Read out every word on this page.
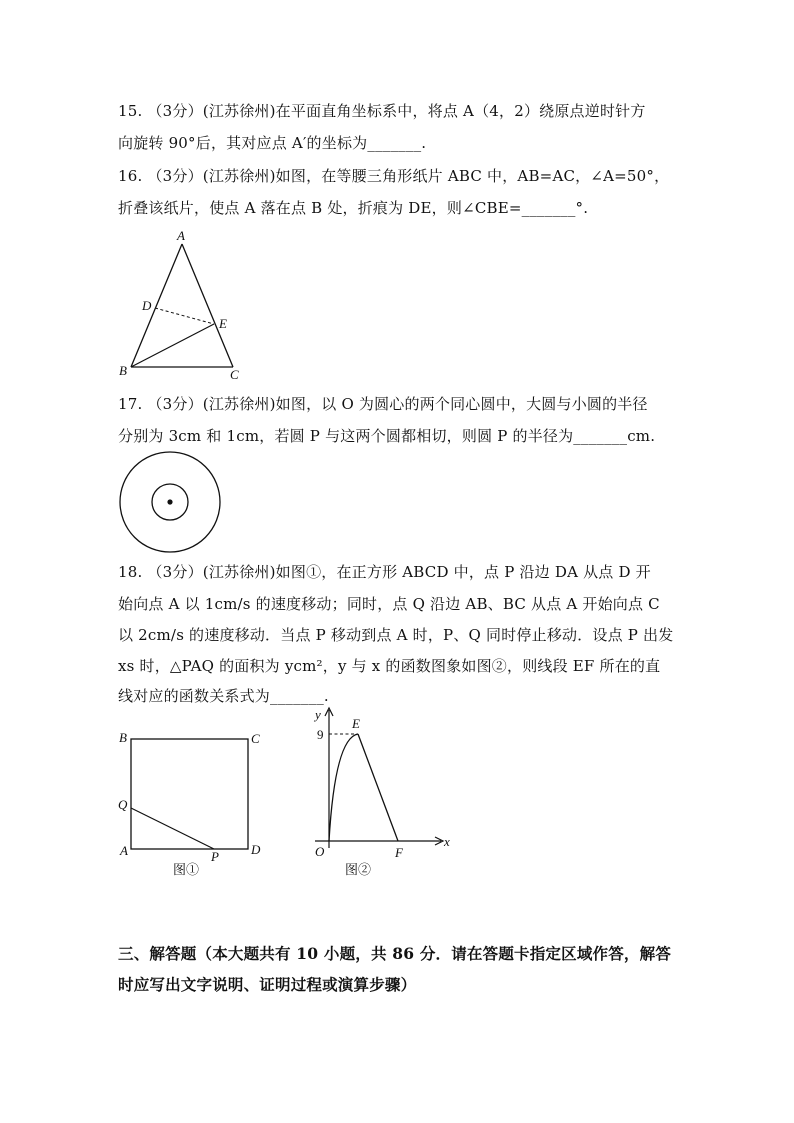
15. （3分）(江苏徐州)在平面直角坐标系中，将点 A（4，2）绕原点逆时针方
向旋转 90°后，其对应点 A′的坐标为_______.
16. （3分）(江苏徐州)如图，在等腰三角形纸片 ABC 中，AB=AC，∠A=50°，
折叠该纸片，使点 A 落在点 B 处，折痕为 DE，则∠CBE=_______°.
A
D
E
B	C
17. （3分）(江苏徐州)如图，以 O 为圆心的两个同心圆中，大圆与小圆的半径
分别为 3cm 和 1cm，若圆 P 与这两个圆都相切，则圆 P 的半径为_______cm.
18. （3分）(江苏徐州)如图①，在正方形 ABCD 中，点 P 沿边 DA 从点 D 开
始向点 A 以 1cm/s 的速度移动；同时，点 Q 沿边 AB、BC 从点 A 开始向点 C
以 2cm/s 的速度移动．当点 P 移动到点 A 时，P、Q 同时停止移动．设点 P 出发
xs 时，△PAQ 的面积为 ycm²，y 与 x 的函数图象如图②，则线段 EF 所在的直
线对应的函数关系式为_______.
B	C
Q
A	P D
图①
y
9
E
O	F
x
图②
三、解答题（本大题共有 10 小题，共 86 分．请在答题卡指定区域作答，解答
时应写出文字说明、证明过程或演算步骤）
